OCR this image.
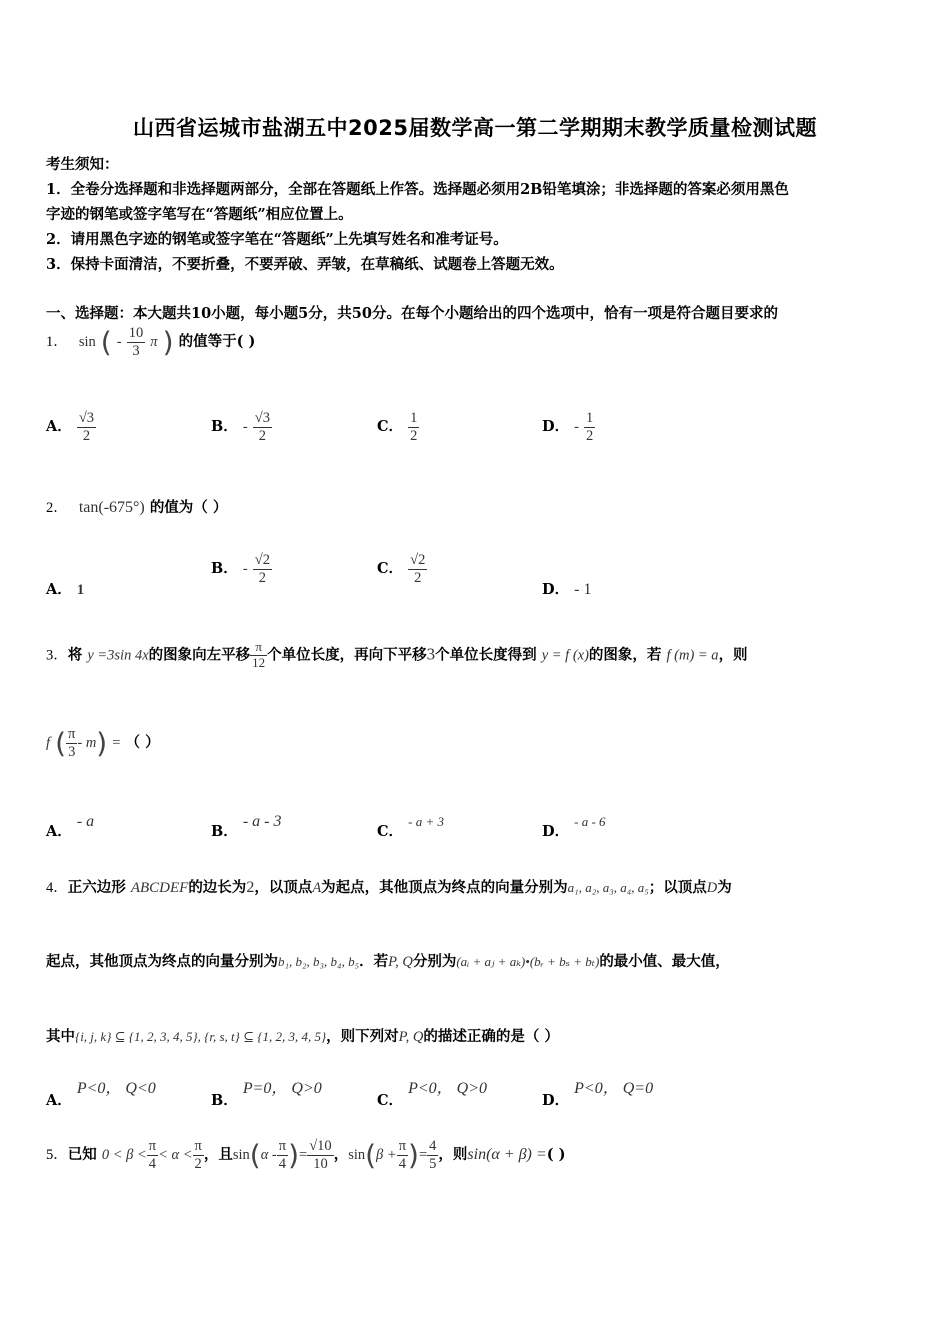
山西省运城市盐湖五中2025届数学高一第二学期期末教学质量检测试题
考生须知：
1．全卷分选择题和非选择题两部分，全部在答题纸上作答。选择题必须用2B铅笔填涂；非选择题的答案必须用黑色
字迹的钢笔或签字笔写在“答题纸”相应位置上。
2．请用黑色字迹的钢笔或签字笔在“答题纸”上先填写姓名和准考证号。
3．保持卡面清洁，不要折叠，不要弄破、弄皱，在草稿纸、试题卷上答题无效。
一、选择题：本大题共10小题，每小题5分，共50分。在每个小题给出的四个选项中，恰有一项是符合题目要求的
1． sin ( - $\frac{10}{3}$ π ) 的值等于( )
A． $\frac{√3}{2}$	B． - $\frac{√3}{2}$	C． $\frac{1}{2}$	D． - $\frac{1}{2}$
2． tan(-675°) 的值为（ ）
A． 1
B． - $\frac{√2}{2}$	C． $\frac{√2}{2}$
D． - 1
3．将 y =3sin 4x的图象向左平移 $\frac{\pi}{12}$ 个单位长度，再向下平移3个单位长度得到 y = f (x)的图象，若 f (m) = a，则
f ( $\frac{\pi}{3} - m$) = （ ）
A． - a
B． - a - 3
C． - a + 3
D． - a - 6
4．正六边形 ABCDEF的边长为2，以顶点A为起点，其他顶点为终点的向量分别为a₁, a₂, a₃, a₄, a₅；以顶点D为
起点，其他顶点为终点的向量分别为b₁, b₂, b₃, b₄, b₅．若P, Q分别为(aᵢ + aⱼ + aₖ)•(bᵣ + bₛ + bₜ)的最小值、最大值，
其中{i, j, k} ⊆ {1, 2, 3, 4, 5}, {r, s, t} ⊆ {1, 2, 3, 4, 5}，则下列对P, Q的描述正确的是（ ）
A． P<0， Q<0
B． P=0， Q>0
C． P<0， Q>0
D． P<0， Q=0
5．已知 $0 < \beta < \frac{\pi}{4} < \alpha < \frac{\pi}{2}$ ，且$\sin(\alpha - \frac{\pi}{4}$ )= $\frac{√10}{10}$ ，$\sin(\beta + \frac{\pi}{4}$ )= $\frac{4}{5}$ ，则sin(α + β) =( )
